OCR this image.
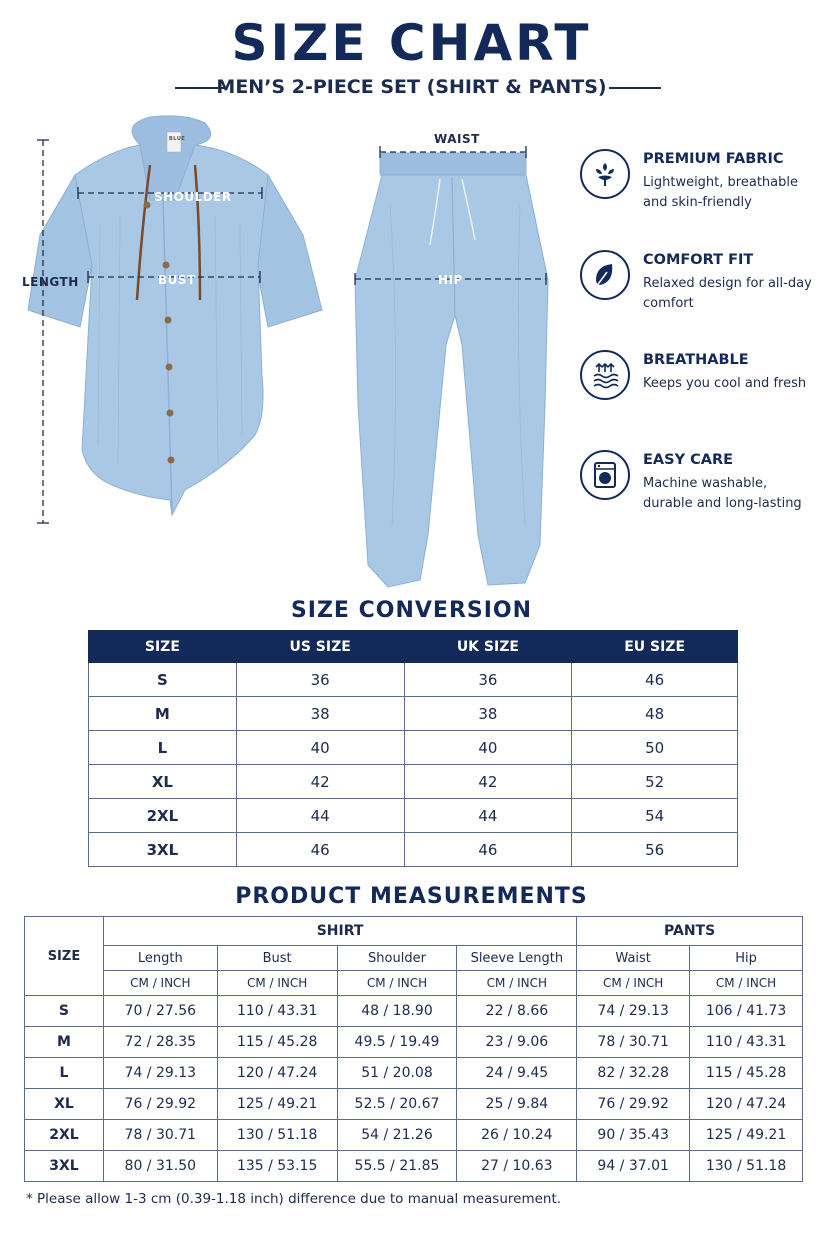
SIZE CHART
MEN’S 2-PIECE SET (SHIRT & PANTS)
SHOULDER
BUST
LENGTH
BLUE	WAIST
HIP
PREMIUM FABRIC
Lightweight, breathable and skin-friendly
COMFORT FIT
Relaxed design for all-day comfort
BREATHABLE
Keeps you cool and fresh
EASY CARE
Machine washable, durable and long-lasting
SIZE CONVERSION
SIZE	US SIZE	UK SIZE	EU SIZE
S	36	36	46
M	38	38	48
L	40	40	50
XL	42	42	52
2XL	44	44	54
3XL	46	46	56
PRODUCT MEASUREMENTS
SIZE	SHIRT				PANTS	
	Length	Bust	Shoulder	Sleeve Length	Waist	Hip
	CM / INCH	CM / INCH	CM / INCH	CM / INCH	CM / INCH	CM / INCH
S	70 / 27.56	110 / 43.31	48 / 18.90	22 / 8.66	74 / 29.13	106 / 41.73
M	72 / 28.35	115 / 45.28	49.5 / 19.49	23 / 9.06	78 / 30.71	110 / 43.31
L	74 / 29.13	120 / 47.24	51 / 20.08	24 / 9.45	82 / 32.28	115 / 45.28
XL	76 / 29.92	125 / 49.21	52.5 / 20.67	25 / 9.84	76 / 29.92	120 / 47.24
2XL	78 / 30.71	130 / 51.18	54 / 21.26	26 / 10.24	90 / 35.43	125 / 49.21
3XL	80 / 31.50	135 / 53.15	55.5 / 21.85	27 / 10.63	94 / 37.01	130 / 51.18
* Please allow 1-3 cm (0.39-1.18 inch) difference due to manual measurement.
